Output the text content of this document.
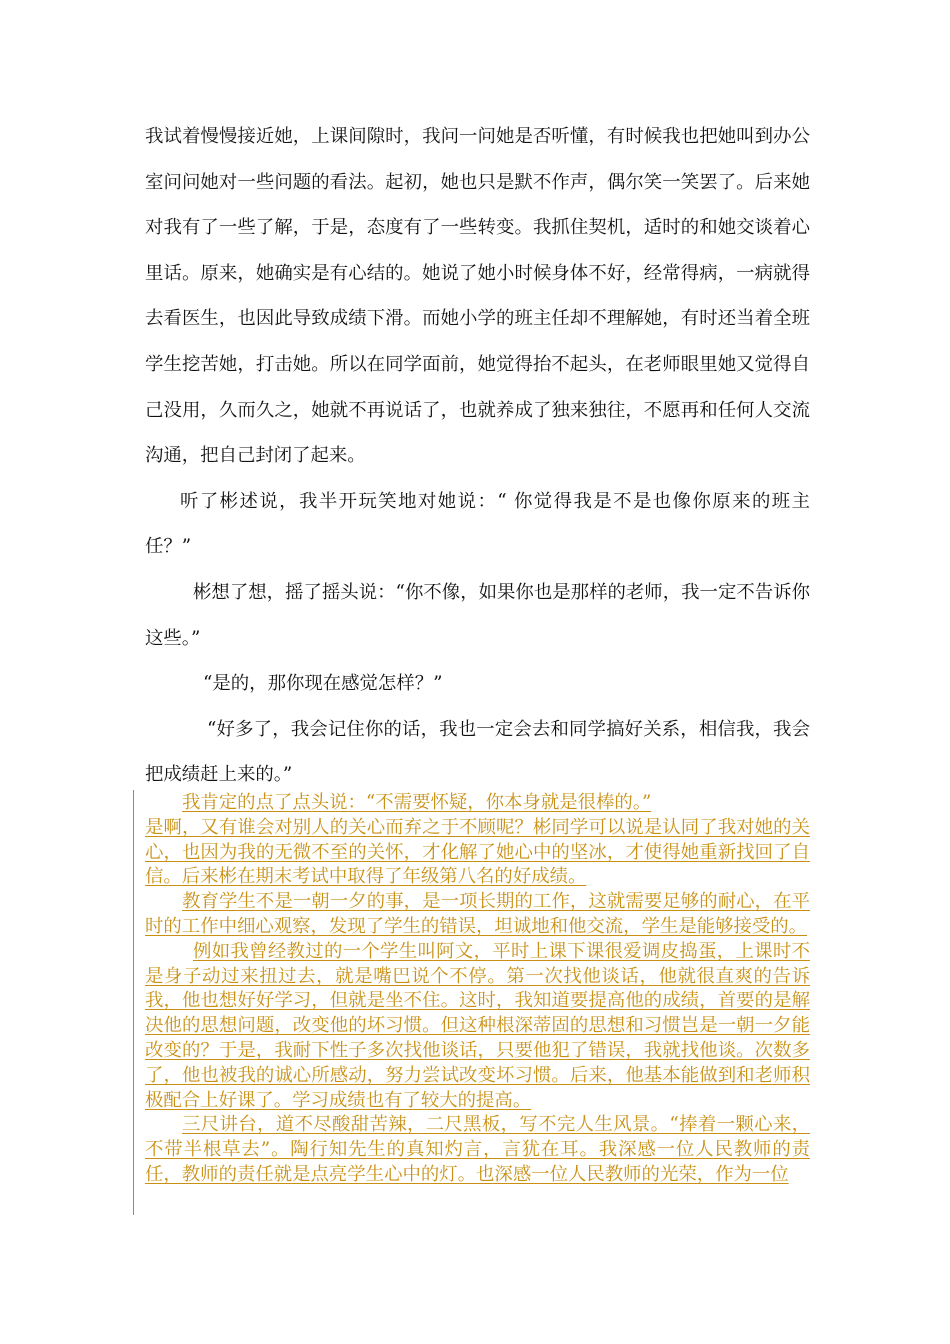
我试着慢慢接近她，上课间隙时，我问一问她是否听懂，有时候我也把她叫到办公室问问她对一些问题的看法。起初，她也只是默不作声，偶尔笑一笑罢了。后来她对我有了一些了解，于是，态度有了一些转变。我抓住契机，适时的和她交谈着心里话。原来，她确实是有心结的。她说了她小时候身体不好，经常得病，一病就得去看医生，也因此导致成绩下滑。而她小学的班主任却不理解她，有时还当着全班学生挖苦她，打击她。所以在同学面前，她觉得抬不起头，在老师眼里她又觉得自己没用，久而久之，她就不再说话了，也就养成了独来独往，不愿再和任何人交流沟通，把自己封闭了起来。

听了彬述说，我半开玩笑地对她说：“ 你觉得我是不是也像你原来的班主任？”

彬想了想，摇了摇头说：“你不像，如果你也是那样的老师，我一定不告诉你这些。”

“是的，那你现在感觉怎样？”

“好多了，我会记住你的话，我也一定会去和同学搞好关系，相信我，我会把成绩赶上来的。”

我肯定的点了点头说：“不需要怀疑，你本身就是很棒的。”

是啊，又有谁会对别人的关心而弃之于不顾呢？彬同学可以说是认同了我对她的关心，也因为我的无微不至的关怀，才化解了她心中的坚冰，才使得她重新找回了自信。后来彬在期末考试中取得了年级第八名的好成绩。

教育学生不是一朝一夕的事，是一项长期的工作，这就需要足够的耐心，在平时的工作中细心观察，发现了学生的错误，坦诚地和他交流，学生是能够接受的。

例如我曾经教过的一个学生叫阿文，平时上课下课很爱调皮捣蛋，上课时不是身子动过来扭过去，就是嘴巴说个不停。第一次找他谈话，他就很直爽的告诉我，他也想好好学习，但就是坐不住。这时，我知道要提高他的成绩，首要的是解决他的思想问题，改变他的坏习惯。但这种根深蒂固的思想和习惯岂是一朝一夕能改变的？于是，我耐下性子多次找他谈话，只要他犯了错误，我就找他谈。次数多了，他也被我的诚心所感动，努力尝试改变坏习惯。后来，他基本能做到和老师积极配合上好课了。学习成绩也有了较大的提高。

三尺讲台，道不尽酸甜苦辣，二尺黑板，写不完人生风景。“捧着一颗心来，不带半根草去”。陶行知先生的真知灼言，言犹在耳。我深感一位人民教师的责任，教师的责任就是点亮学生心中的灯。也深感一位人民教师的光荣，作为一位
